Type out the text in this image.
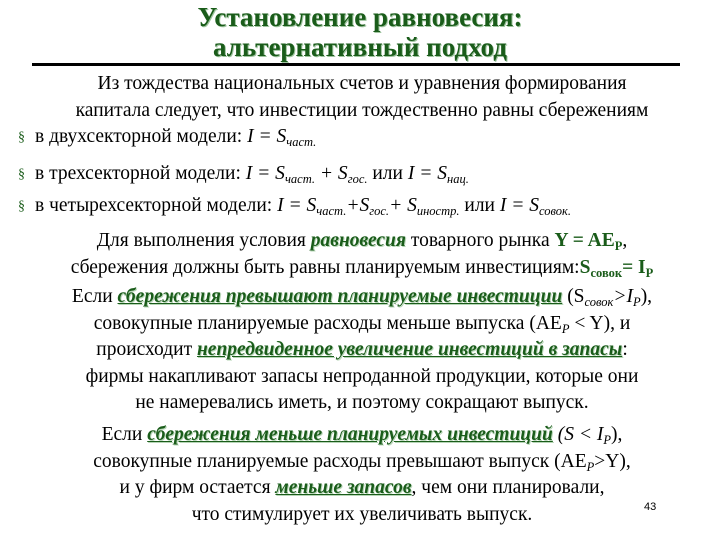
Установление равновесия:
альтернативный подход
Из тождества национальных счетов и уравнения формирования
капитала следует, что инвестиции тождественно равны сбережениям
§ в двухсекторной модели: $I = S_{част.}$
§ в трехсекторной модели: $I = S_{част.} + S_{гос.}$ или $I = S_{нац.}$
§ в четырехсекторной модели: $I = S_{част.}+S_{гос.}+ S_{иностр.}$ или $I = S_{совок.}$
Для выполнения условия равновесия товарного рынка $Y = AE_P$,
сбережения должны быть равны планируемым $инвестициям:S_{совок}= I_P$
Если сбережения превышают планируемые инвестиции $(S_{совок}>I_P)$,
совокупные планируемые расходы меньше выпуска $(AE_P < Y)$, и
происходит непредвиденное увеличение инвестиций в запасы:
фирмы накапливают запасы непроданной продукции, которые они
не намеревались иметь, и поэтому сокращают выпуск.
Если сбережения меньше планируемых инвестиций $(S < I_P)$,
совокупные планируемые расходы превышают выпуск $(AE_P>Y)$,
и у фирм остается меньше запасов, чем они планировали,
что стимулирует их увеличивать выпуск.	43
